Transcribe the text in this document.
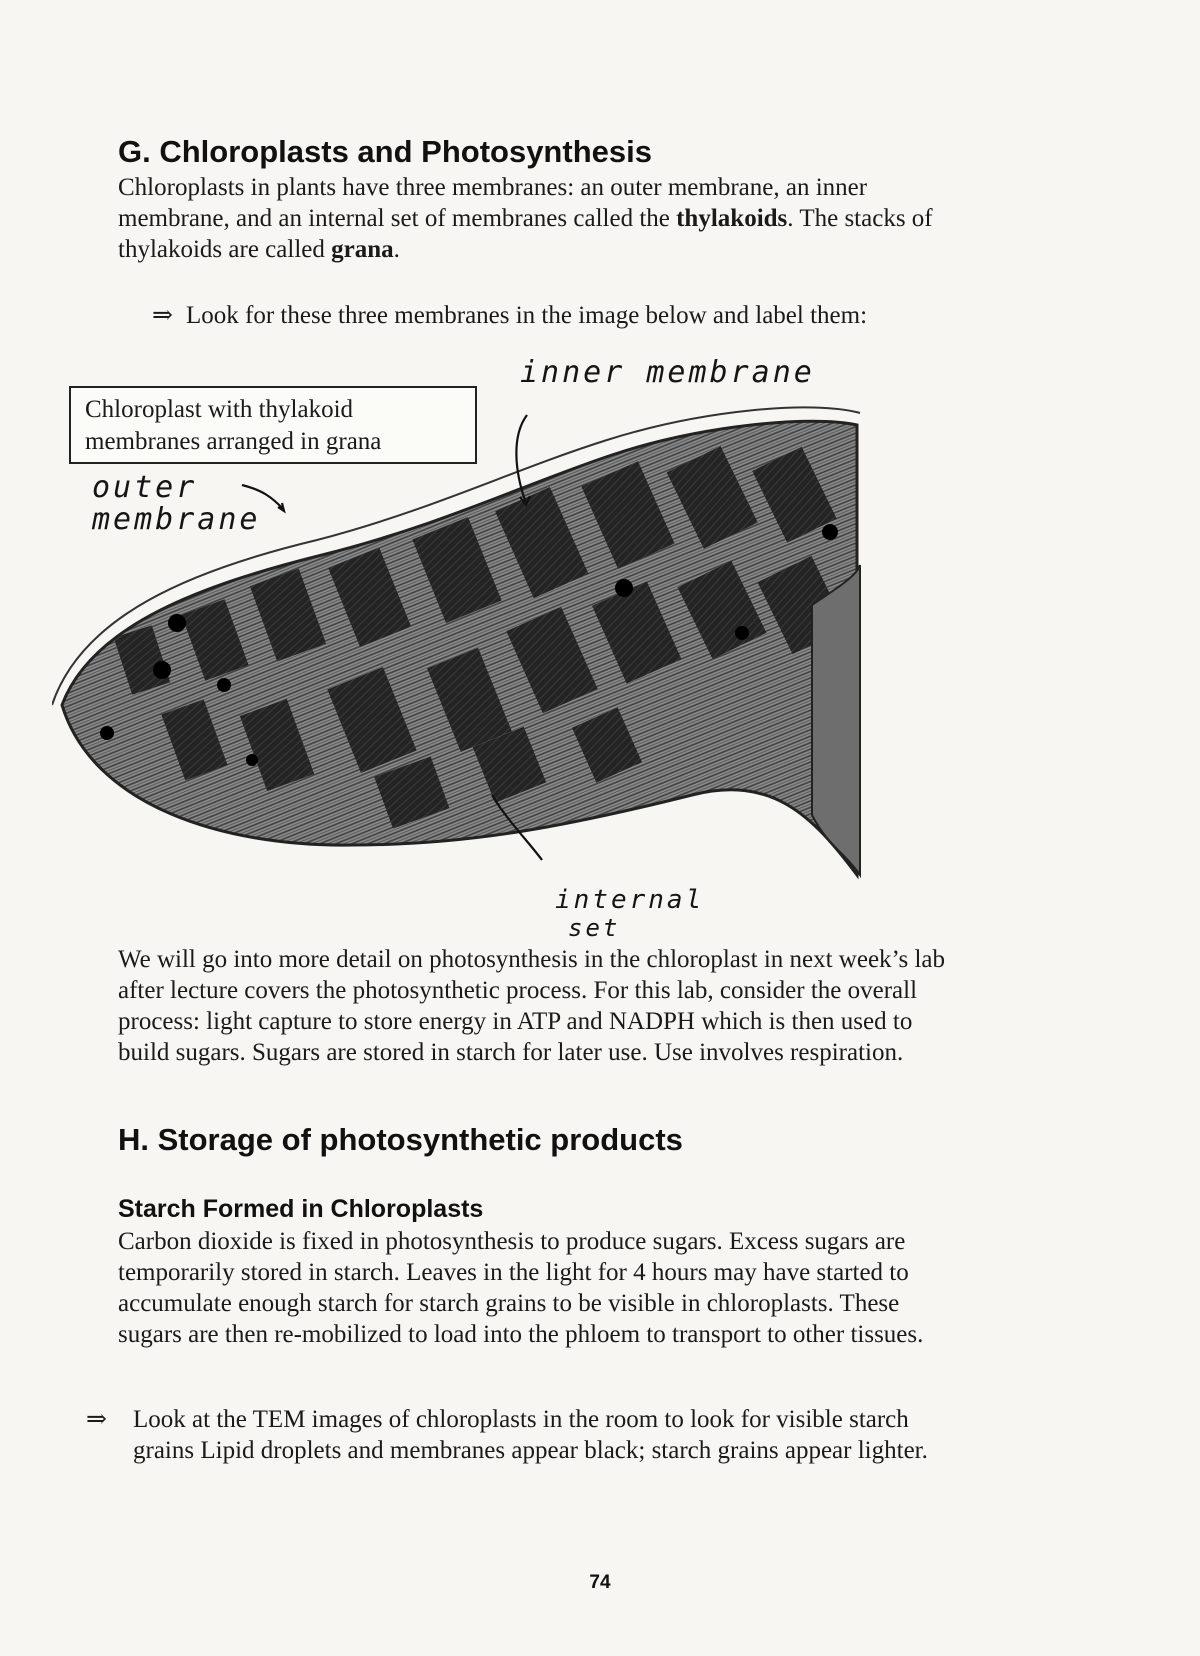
G. Chloroplasts and Photosynthesis

Chloroplasts in plants have three membranes: an outer membrane, an inner
membrane, and an internal set of membranes called the thylakoids. The stacks of
thylakoids are called grana.

⇒ Look for these three membranes in the image below and label them:
Chloroplast with thylakoid membranes arranged in grana
inner membrane
outer
membrane
internal
set

We will go into more detail on photosynthesis in the chloroplast in next week’s lab
after lecture covers the photosynthetic process. For this lab, consider the overall
process: light capture to store energy in ATP and NADPH which is then used to
build sugars. Sugars are stored in starch for later use. Use involves respiration.

H. Storage of photosynthetic products
Starch Formed in Chloroplasts

Carbon dioxide is fixed in photosynthesis to produce sugars. Excess sugars are
temporarily stored in starch. Leaves in the light for 4 hours may have started to
accumulate enough starch for starch grains to be visible in chloroplasts. These
sugars are then re-mobilized to load into the phloem to transport to other tissues.

⇒	Look at the TEM images of chloroplasts in the room to look for visible starch
grains Lipid droplets and membranes appear black; starch grains appear lighter.

74
